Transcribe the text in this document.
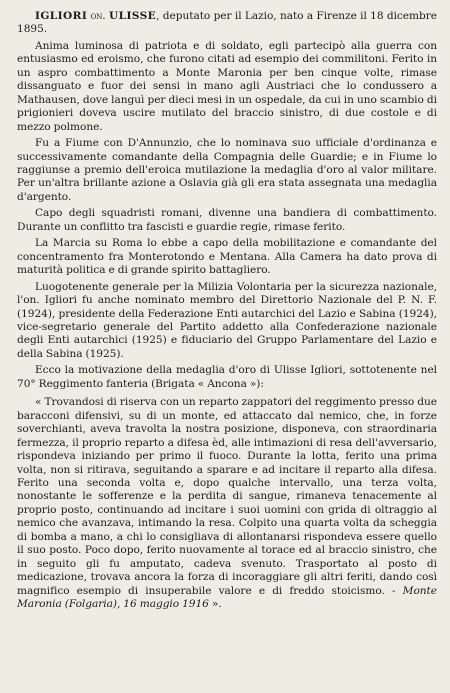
IGLIORI on. ULISSE, deputato per il Lazio, nato a Firenze il 18 dicembre 1895.

Anima luminosa di patriota e di soldato, egli partecipò alla guerra con entusiasmo ed eroismo, che furono citati ad esempio dei commilitoni. Ferito in un aspro combattimento a Monte Maronia per ben cinque volte, rimase dissanguato e fuor dei sensi in mano agli Austriaci che lo condussero a Mathausen, dove languì per dieci mesi in un ospedale, da cui in uno scambio di prigionieri doveva uscire mutilato del braccio sinistro, di due costole e di mezzo polmone.

Fu a Fiume con D'Annunzio, che lo nominava suo ufficiale d'ordinanza e successivamente comandante della Compagnia delle Guardie; e in Fiume lo raggiunse a premio dell'eroica mutilazione la medaglia d'oro al valor militare. Per un'altra brillante azione a Oslavia già gli era stata assegnata una medaglia d'argento.

Capo degli squadristi romani, divenne una bandiera di combattimento. Durante un conflitto tra fascisti e guardie regie, rimase ferito.

La Marcia su Roma lo ebbe a capo della mobilitazione e comandante del concentramento fra Monterotondo e Mentana. Alla Camera ha dato prova di maturità politica e di grande spirito battagliero.

Luogotenente generale per la Milizia Volontaria per la sicurezza nazionale, l'on. Igliori fu anche nominato membro del Direttorio Nazionale del P. N. F. (1924), presidente della Federazione Enti autarchici del Lazio e Sabina (1924), vice-segretario generale del Partito addetto alla Confederazione nazionale degli Enti autarchici (1925) e fiduciario del Gruppo Parlamentare del Lazio e della Sabina (1925).

Ecco la motivazione della medaglia d'oro di Ulisse Igliori, sottotenente nel 70° Reggimento fanteria (Brigata « Ancona »):

« Trovandosi di riserva con un reparto zappatori del reggimento presso due baracconi difensivi, su di un monte, ed attaccato dal nemico, che, in forze soverchianti, aveva travolta la nostra posizione, disponeva, con straordinaria fermezza, il proprio reparto a difesa èd, alle intimazioni di resa dell'avversario, rispondeva iniziando per primo il fuoco. Durante la lotta, ferito una prima volta, non si ritirava, seguitando a sparare e ad incitare il reparto alla difesa. Ferito una seconda volta e, dopo qualche intervallo, una terza volta, nonostante le sofferenze e la perdita di sangue, rimaneva tenacemente al proprio posto, continuando ad incitare i suoi uomini con grida di oltraggio al nemico che avanzava, intimando la resa. Colpito una quarta volta da scheggia di bomba a mano, a chi lo consigliava di allontanarsi rispondeva essere quello il suo posto. Poco dopo, ferito nuovamente al torace ed al braccio sinistro, che in seguito gli fu amputato, cadeva svenuto. Trasportato al posto di medicazione, trovava ancora la forza di incoraggiare gli altri feriti, dando così magnifico esempio di insuperabile valore e di freddo stoicismo. - Monte Maronia (Folgaria), 16 maggio 1916 ».
